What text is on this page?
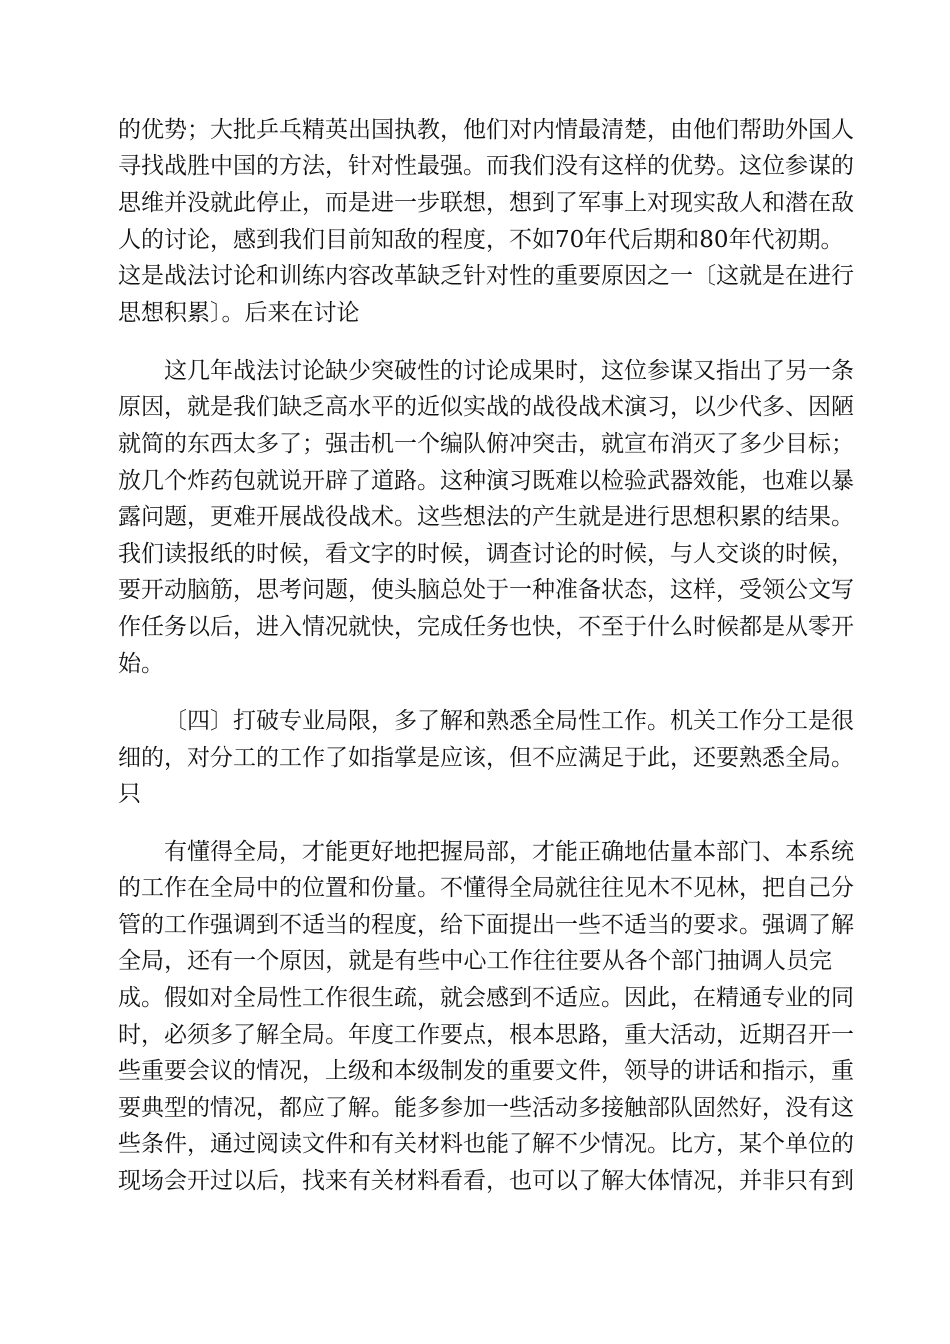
的优势；大批乒乓精英出国执教，他们对内情最清楚，由他们帮助外国人
寻找战胜中国的方法，针对性最强。而我们没有这样的优势。这位参谋的
思维并没就此停止，而是进一步联想，想到了军事上对现实敌人和潜在敌
人的讨论，感到我们目前知敌的程度，不如70年代后期和80年代初期。
这是战法讨论和训练内容改革缺乏针对性的重要原因之一〔这就是在进行
思想积累〕。后来在讨论
这几年战法讨论缺少突破性的讨论成果时，这位参谋又指出了另一条
原因，就是我们缺乏高水平的近似实战的战役战术演习，以少代多、因陋
就简的东西太多了；强击机一个编队俯冲突击，就宣布消灭了多少目标；
放几个炸药包就说开辟了道路。这种演习既难以检验武器效能，也难以暴
露问题，更难开展战役战术。这些想法的产生就是进行思想积累的结果。
我们读报纸的时候，看文字的时候，调查讨论的时候，与人交谈的时候，
要开动脑筋，思考问题，使头脑总处于一种准备状态，这样，受领公文写
作任务以后，进入情况就快，完成任务也快，不至于什么时候都是从零开
始。
〔四〕打破专业局限，多了解和熟悉全局性工作。机关工作分工是很
细的，对分工的工作了如指掌是应该，但不应满足于此，还要熟悉全局。
只
有懂得全局，才能更好地把握局部，才能正确地估量本部门、本系统
的工作在全局中的位置和份量。不懂得全局就往往见木不见林，把自己分
管的工作强调到不适当的程度，给下面提出一些不适当的要求。强调了解
全局，还有一个原因，就是有些中心工作往往要从各个部门抽调人员完
成。假如对全局性工作很生疏，就会感到不适应。因此，在精通专业的同
时，必须多了解全局。年度工作要点，根本思路，重大活动，近期召开一
些重要会议的情况，上级和本级制发的重要文件，领导的讲话和指示，重
要典型的情况，都应了解。能多参加一些活动多接触部队固然好，没有这
些条件，通过阅读文件和有关材料也能了解不少情况。比方，某个单位的
现场会开过以后，找来有关材料看看，也可以了解大体情况，并非只有到
